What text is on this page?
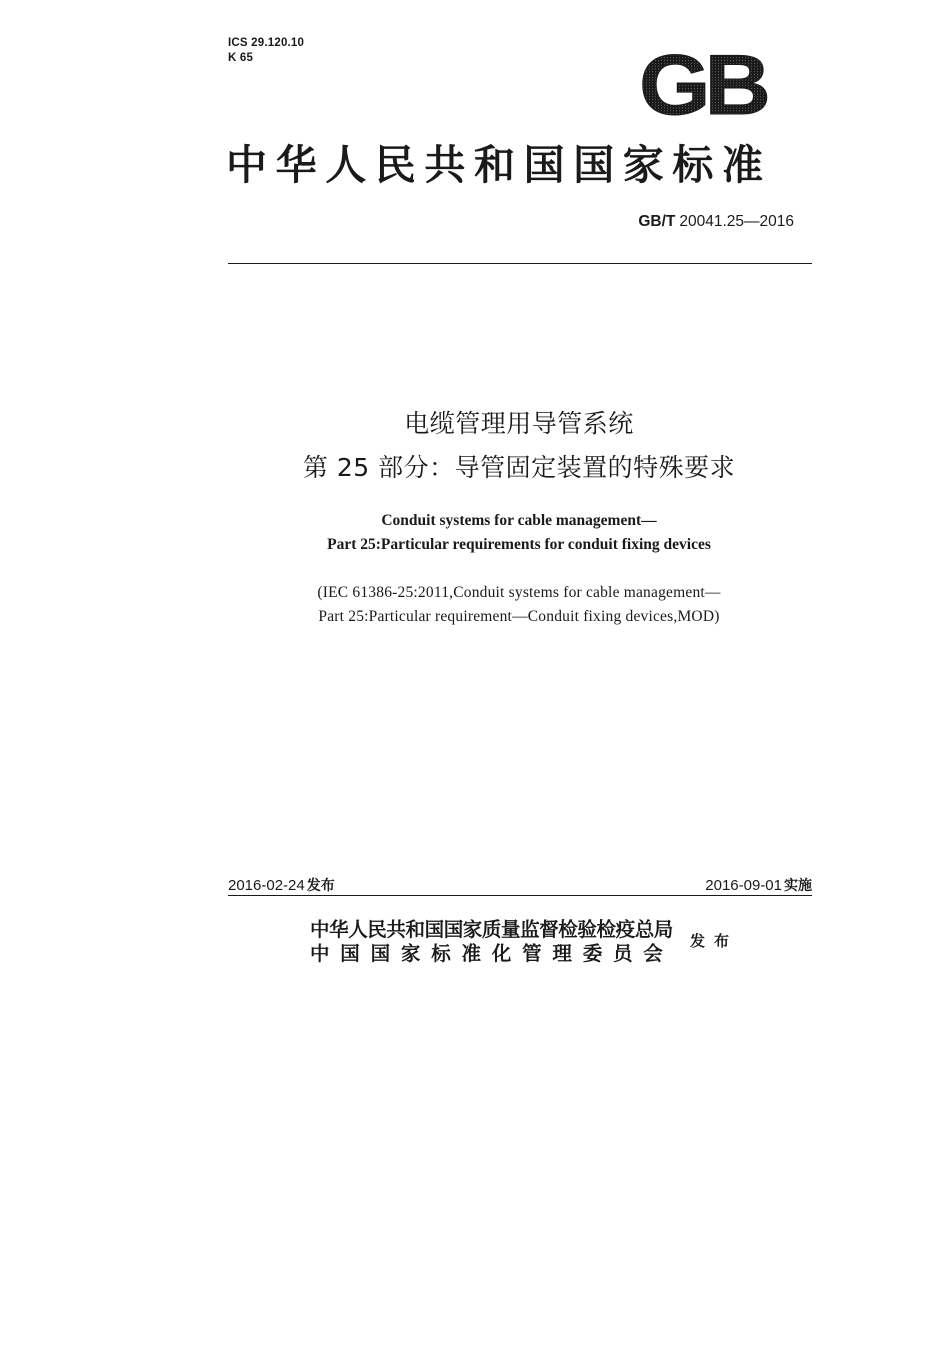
ICS 29.120.10
K 65	GB
中华人民共和国国家标准
GB/T 20041.25—2016
电缆管理用导管系统
第 25 部分：导管固定装置的特殊要求
Conduit systems for cable management—
Part 25:Particular requirements for conduit fixing devices
(IEC 61386-25:2011,Conduit systems for cable management—
Part 25:Particular requirement—Conduit fixing devices,MOD)
2016-02-24 发布	2016-09-01 实施
中华人民共和国国家质量监督检验检疫总局
中国国家标准化管理委员会
发布
